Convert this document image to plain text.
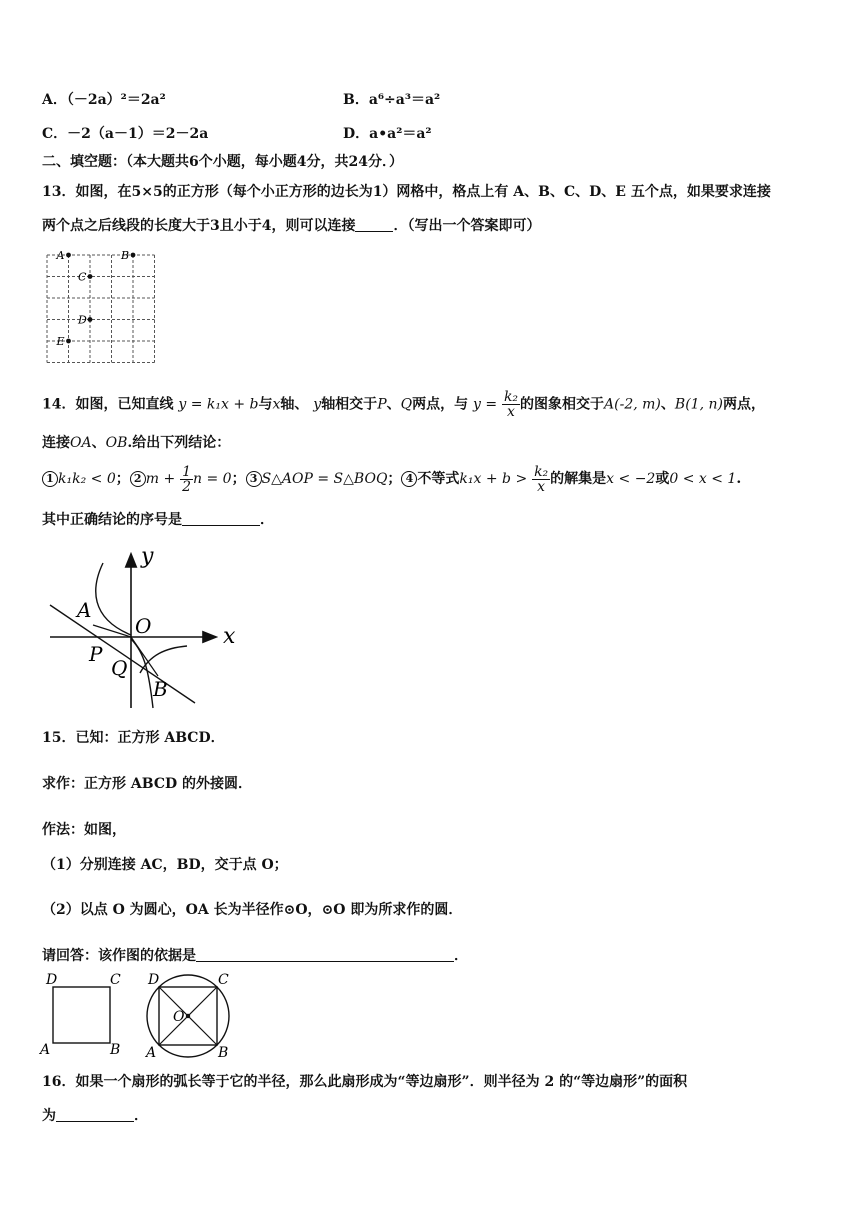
A．（－2a）²＝2a²	B．a⁶÷a³＝a²
C．－2（a－1）＝2－2a	D．a•a²＝a²
二、填空题：（本大题共6个小题，每小题4分，共24分．）
13．如图，在5×5的正方形（每个小正方形的边长为1）网格中，格点上有 A、B、C、D、E 五个点，如果要求连接
两个点之后线段的长度大于3且小于4，则可以连接	．（写出一个答案即可）
A	B
C
D
E
14．如图，已知直线 y = k₁x + b与x轴、 y轴相交于P、Q两点，与 $y = \frac{\text{k₂}}{x}$ 的图象相交于A(-2, m)、B(1, n)两点，
连接OA、OB.给出下列结论：
1 k₁k₂ < 0； 2 $m + \frac{1}{2}$ n = 0； 3 S△AOP = S△BOQ； 4 不等式$k_1x + b > \frac{\text{k₂}}{x}$ 的解集是x < −2或0 < x < 1.
其中正确结论的序号是	．
y
x
O
A
P
Q
B
15．已知：正方形 ABCD．
求作：正方形 ABCD 的外接圆．
作法：如图，
（1）分别连接 AC，BD，交于点 O；
（2）以点 O 为圆心，OA 长为半径作⊙O，⊙O 即为所求作的圆．
请回答：该作图的依据是	．
D	C
A	B
D	C
A	B
O
16．如果一个扇形的弧长等于它的半径，那么此扇形成为“等边扇形”．则半径为 2 的“等边扇形”的面积
为	．
